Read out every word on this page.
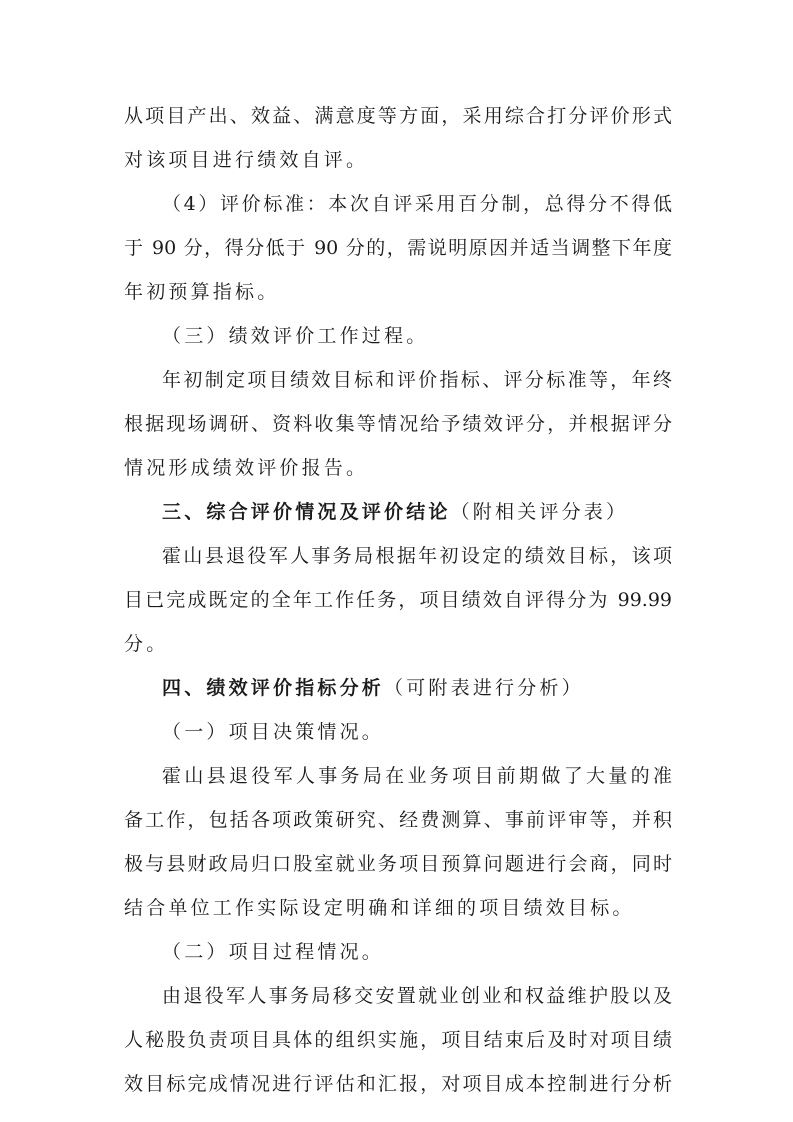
从项目产出、效益、满意度等方面，采用综合打分评价形式
对该项目进行绩效自评。
（4）评价标准：本次自评采用百分制，总得分不得低
于 90 分，得分低于 90 分的，需说明原因并适当调整下年度
年初预算指标。
（三）绩效评价工作过程。
年初制定项目绩效目标和评价指标、评分标准等，年终
根据现场调研、资料收集等情况给予绩效评分，并根据评分
情况形成绩效评价报告。
三、综合评价情况及评价结论（附相关评分表）
霍山县退役军人事务局根据年初设定的绩效目标，该项
目已完成既定的全年工作任务，项目绩效自评得分为 99.99
分。
四、绩效评价指标分析（可附表进行分析）
（一）项目决策情况。
霍山县退役军人事务局在业务项目前期做了大量的准
备工作，包括各项政策研究、经费测算、事前评审等，并积
极与县财政局归口股室就业务项目预算问题进行会商，同时
结合单位工作实际设定明确和详细的项目绩效目标。
（二）项目过程情况。
由退役军人事务局移交安置就业创业和权益维护股以及
人秘股负责项目具体的组织实施，项目结束后及时对项目绩
效目标完成情况进行评估和汇报，对项目成本控制进行分析
